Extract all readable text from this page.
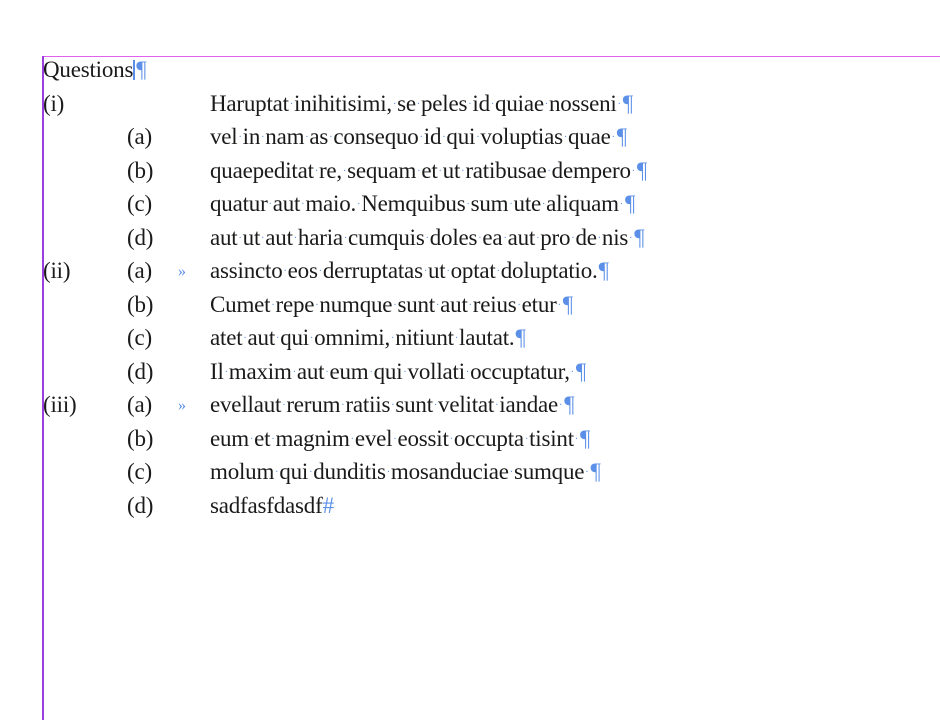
Questions ¶
(i)	Haruptat·inihitisimi,·se·peles·id·quiae·nosseni·¶
(a)	vel·in·nam·as·consequo·id·qui·voluptias·quae·¶
(b) quaepeditat·re,·sequam·et·ut·ratibusae·dempero·¶
(c)	quatur·aut·maio.·Nemquibus·sum·ute·aliquam·¶
(d) aut·ut·aut·haria·cumquis·doles·ea·aut·pro·de·nis·¶
(ii) (a) » assincto·eos·derruptatas·ut·optat·doluptatio.¶
(b) Cumet·repe·numque·sunt·aut·reius·etur·¶
(c)	atet·aut·qui·omnimi,·nitiunt·lautat.¶
(d) Il·maxim·aut·eum·qui·vollati·occuptatur,·¶
(iii) (a) » evellaut·rerum·ratiis·sunt·velitat·iandae·¶
(b) eum·et·magnim·evel·eossit·occupta·tisint·¶
(c)	molum·qui·dunditis·mosanduciae·sumque·¶
(d) sadfasfdasdf#
